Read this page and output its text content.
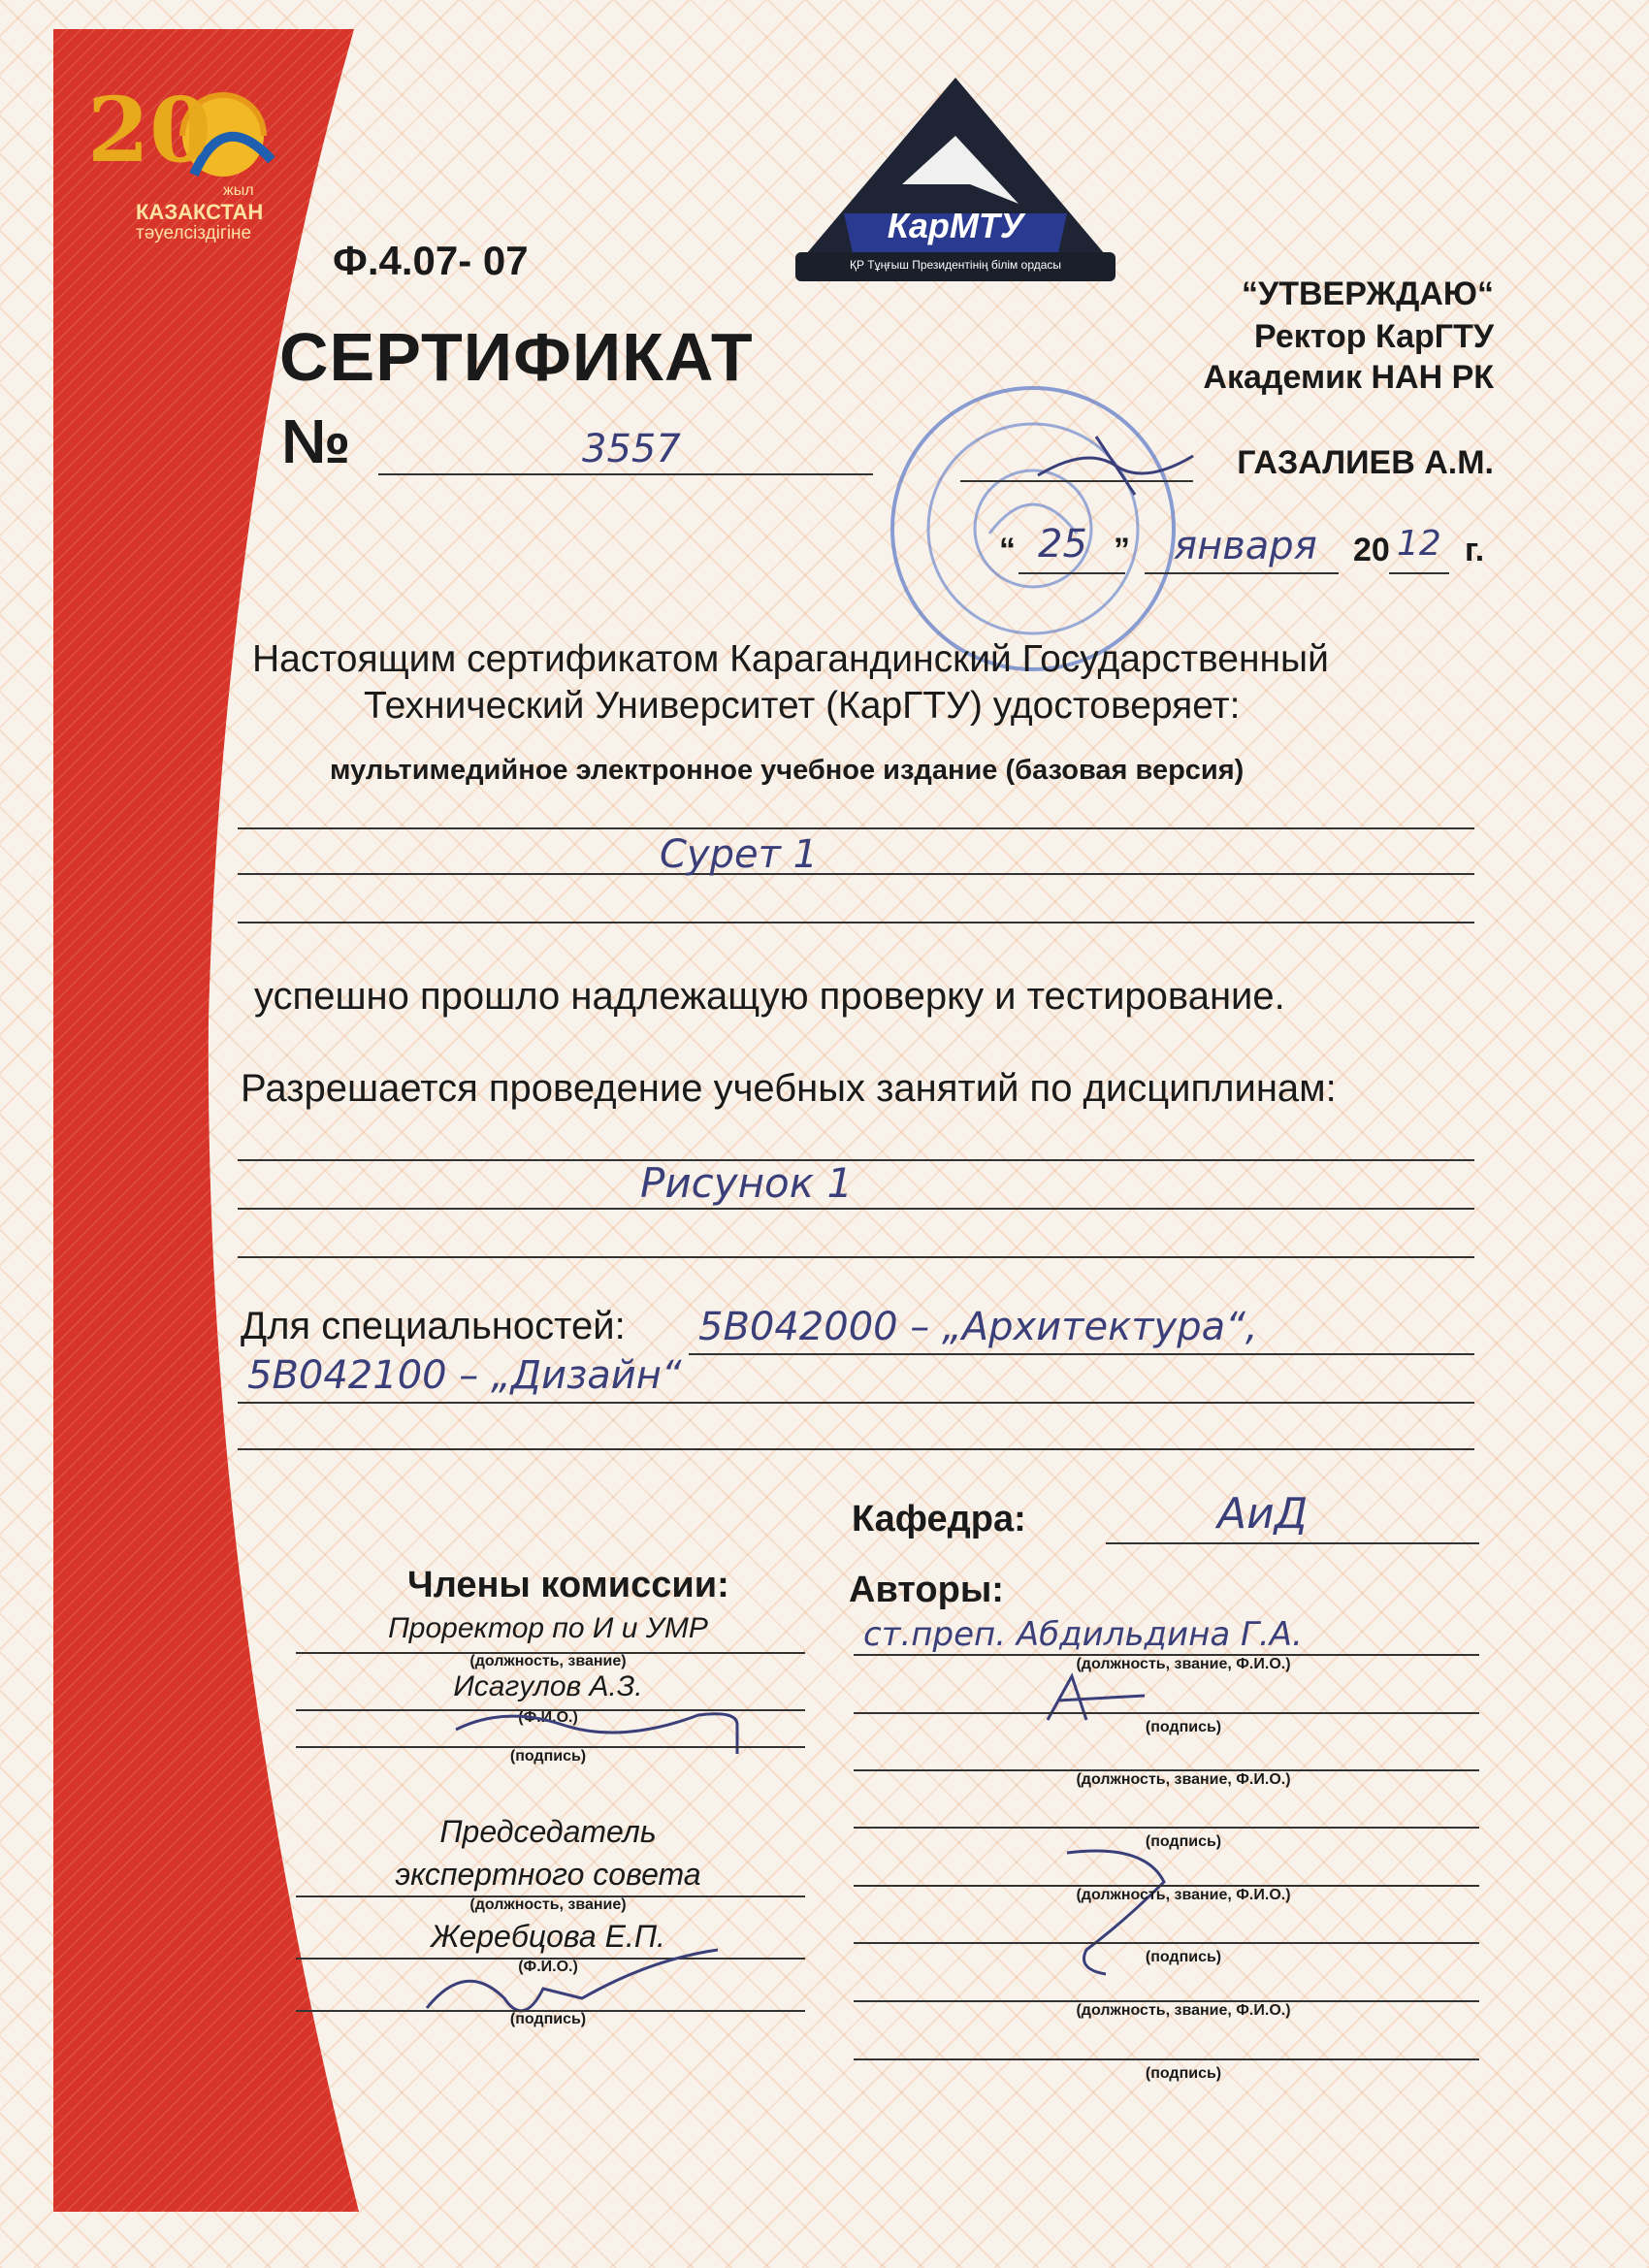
20
жыл
КАЗАКСТАН
тәуелсіздігіне	КарМТУ
ҚР Тұңғыш Президентінің білім ордасы
Ф.4.07- 07
СЕРТИФИКАТ
№	3557
“УТВЕРЖДАЮ“
Ректор КарГТУ
Академик НАН РК
ГАЗАЛИЕВ А.М.
“ 25 ” января 20 12 г.
Настоящим сертификатом Карагандинский Государственный
Технический Университет (КарГТУ) удостоверяет:
мультимедийное электронное учебное издание (базовая версия)
Сурет 1
успешно прошло надлежащую проверку и тестирование.
Разрешается проведение учебных занятий по дисциплинам:
Рисунок 1
Для специальностей: 5В042000 – „Архитектура“,
5В042100 – „Дизайн“
Кафедра:	АиД
Члены комиссии:
Проректор по И и УМР
(должность, звание)
Исагулов А.З.
(Ф.И.О.)
(подпись)
Председатель
экспертного совета
(должность, звание)
Жеребцова Е.П.
(Ф.И.О.)
(подпись)
Авторы:
ст.преп. Абдильдина Г.А.
(должность, звание, Ф.И.О.)
(подпись)
(должность, звание, Ф.И.О.)
(подпись)
(должность, звание, Ф.И.О.)
(подпись)
(должность, звание, Ф.И.О.)
(подпись)
